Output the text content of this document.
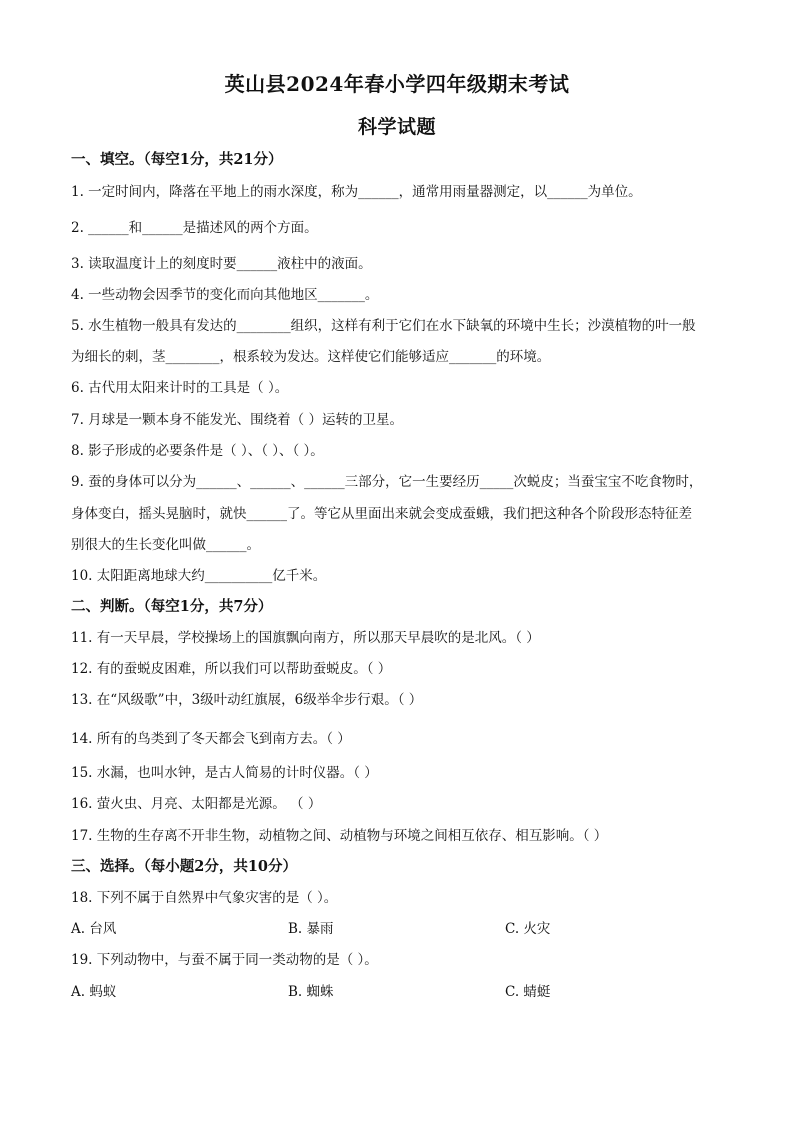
英山县2024年春小学四年级期末考试
科学试题
一、填空。（每空1分，共21分）
1. 一定时间内，降落在平地上的雨水深度，称为______，通常用雨量器测定，以______为单位。
2. ______和______是描述风的两个方面。
3. 读取温度计上的刻度时要______液柱中的液面。
4. 一些动物会因季节的变化而向其他地区_______。
5. 水生植物一般具有发达的________组织，这样有利于它们在水下缺氧的环境中生长；沙漠植物的叶一般
为细长的刺，茎________，根系较为发达。这样使它们能够适应_______的环境。
6. 古代用太阳来计时的工具是（ ）。
7. 月球是一颗本身不能发光、围绕着（ ）运转的卫星。
8. 影子形成的必要条件是（ ）、（ ）、（ ）。
9. 蚕的身体可以分为______、______、______三部分，它一生要经历_____次蜕皮；当蚕宝宝不吃食物时，
身体变白，摇头晃脑时，就快______了。等它从里面出来就会变成蚕蛾，我们把这种各个阶段形态特征差
别很大的生长变化叫做______。
10. 太阳距离地球大约__________亿千米。
二、判断。（每空1分，共7分）
11. 有一天早晨，学校操场上的国旗飘向南方，所以那天早晨吹的是北风。（ ）
12. 有的蚕蜕皮困难，所以我们可以帮助蚕蜕皮。（ ）
13. 在“风级歌”中，3级叶动红旗展，6级举伞步行艰。（ ）
14. 所有的鸟类到了冬天都会飞到南方去。（ ）
15. 水漏，也叫水钟，是古人简易的计时仪器。（ ）
16. 萤火虫、月亮、太阳都是光源。 （ ）
17. 生物的生存离不开非生物，动植物之间、动植物与环境之间相互依存、相互影响。（ ）
三、选择。（每小题2分，共10分）
18. 下列不属于自然界中气象灾害的是（ ）。
A. 台风	B. 暴雨	C. 火灾
19. 下列动物中，与蚕不属于同一类动物的是（ ）。
A. 蚂蚁	B. 蜘蛛	C. 蜻蜓
